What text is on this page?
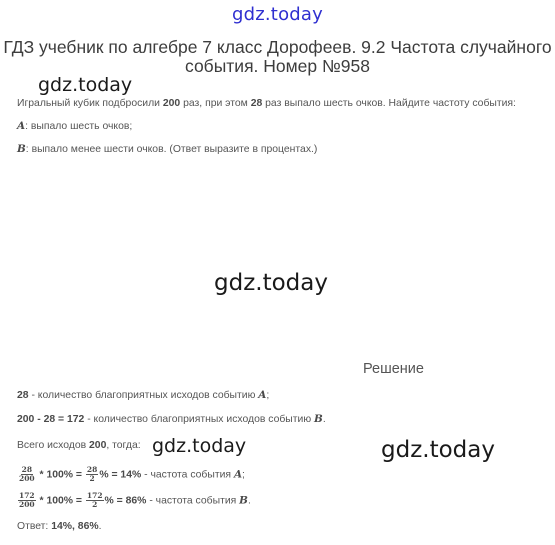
gdz.today
ГДЗ учебник по алгебре 7 класс Дорофеев. 9.2 Частота случайного события. Номер №958
gdz.today
Игральный кубик подбросили 200 раз, при этом 28 раз выпало шесть очков. Найдите частоту события:
A: выпало шесть очков;
B: выпало менее шести очков. (Ответ выразите в процентах.)
gdz.today
Решение
28 - количество благоприятных исходов событию A;
200 - 28 = 172 - количество благоприятных исходов событию B.
Всего исходов 200, тогда: gdz.today	gdz.today
$\frac{28}{200} * 100\% = \frac{28}{2}$ % = 14% - частота события A;
$\frac{172}{200} * 100\% = \frac{172}{2}$ % = 86% - частота события B.
Ответ: 14%, 86%.
